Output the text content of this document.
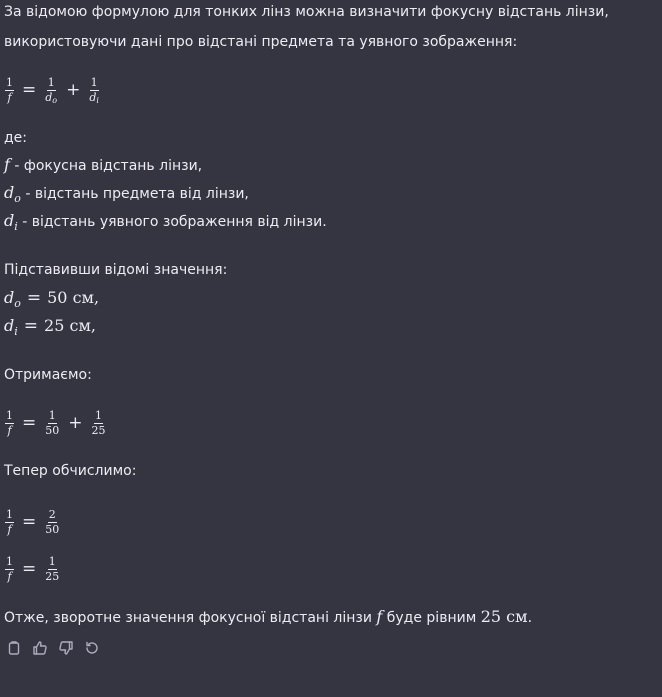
За відомою формулою для тонких лінз можна визначити фокусну відстань лінзи,
використовуючи дані про відстані предмета та уявного зображення:
$\frac{1}{f} = \frac{1}{d_o} + \frac{1}{d_i}$
де:
f - фокусна відстань лінзи,
$d_o$ - відстань предмета від лінзи,
$d_i$ - відстань уявного зображення від лінзи.
Підставивши відомі значення:
$d_o = 50$ см,
$d_i = 25$ см,
Отримаємо:
$\frac{1}{f} = \frac{1}{50} + \frac{1}{25}$
Тепер обчислимо:
$\frac{1}{f} = \frac{2}{50}$
$\frac{1}{f} = \frac{1}{25}$
Отже, зворотне значення фокусної відстані лінзи f буде рівним 25 см.
